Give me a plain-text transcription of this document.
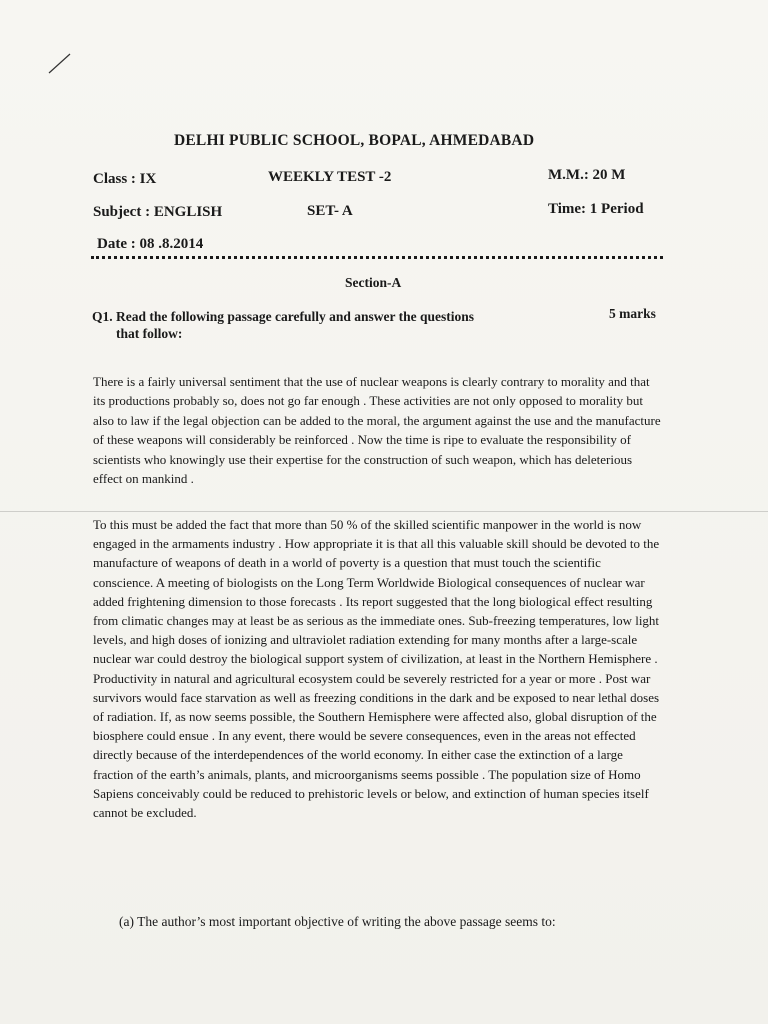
DELHI PUBLIC SCHOOL, BOPAL, AHMEDABAD
Class : IX	WEEKLY TEST -2	M.M.: 20 M
Subject : ENGLISH	SET- A	Time: 1 Period
Date : 08 .8.2014
Section-A
Q1. Read the following passage carefully and answer the questions
that follow:
5 marks
There is a fairly universal sentiment that the use of nuclear weapons is clearly contrary to morality and that its productions probably so, does not go far enough . These activities are not only opposed to morality but also to law if the legal objection can be added to the moral, the argument against the use and the manufacture of these weapons will considerably be reinforced . Now the time is ripe to evaluate the responsibility of scientists who knowingly use their expertise for the construction of such weapon, which has deleterious effect on mankind .
To this must be added the fact that more than 50 % of the skilled scientific manpower in the world is now engaged in the armaments industry . How appropriate it is that all this valuable skill should be devoted to the manufacture of weapons of death in a world of poverty is a question that must touch the scientific conscience. A meeting of biologists on the Long Term Worldwide Biological consequences of nuclear war added frightening dimension to those forecasts . Its report suggested that the long biological effect resulting from climatic changes may at least be as serious as the immediate ones. Sub-freezing temperatures, low light levels, and high doses of ionizing and ultraviolet radiation extending for many months after a large-scale nuclear war could destroy the biological support system of civilization, at least in the Northern Hemisphere . Productivity in natural and agricultural ecosystem could be severely restricted for a year or more . Post war survivors would face starvation as well as freezing conditions in the dark and be exposed to near lethal doses of radiation. If, as now seems possible, the Southern Hemisphere were affected also, global disruption of the biosphere could ensue . In any event, there would be severe consequences, even in the areas not effected directly because of the interdependences of the world economy. In either case the extinction of a large fraction of the earth’s animals, plants, and microorganisms seems possible . The population size of Homo Sapiens conceivably could be reduced to prehistoric levels or below, and extinction of human species itself cannot be excluded.
(a) The author’s most important objective of writing the above passage seems to:
